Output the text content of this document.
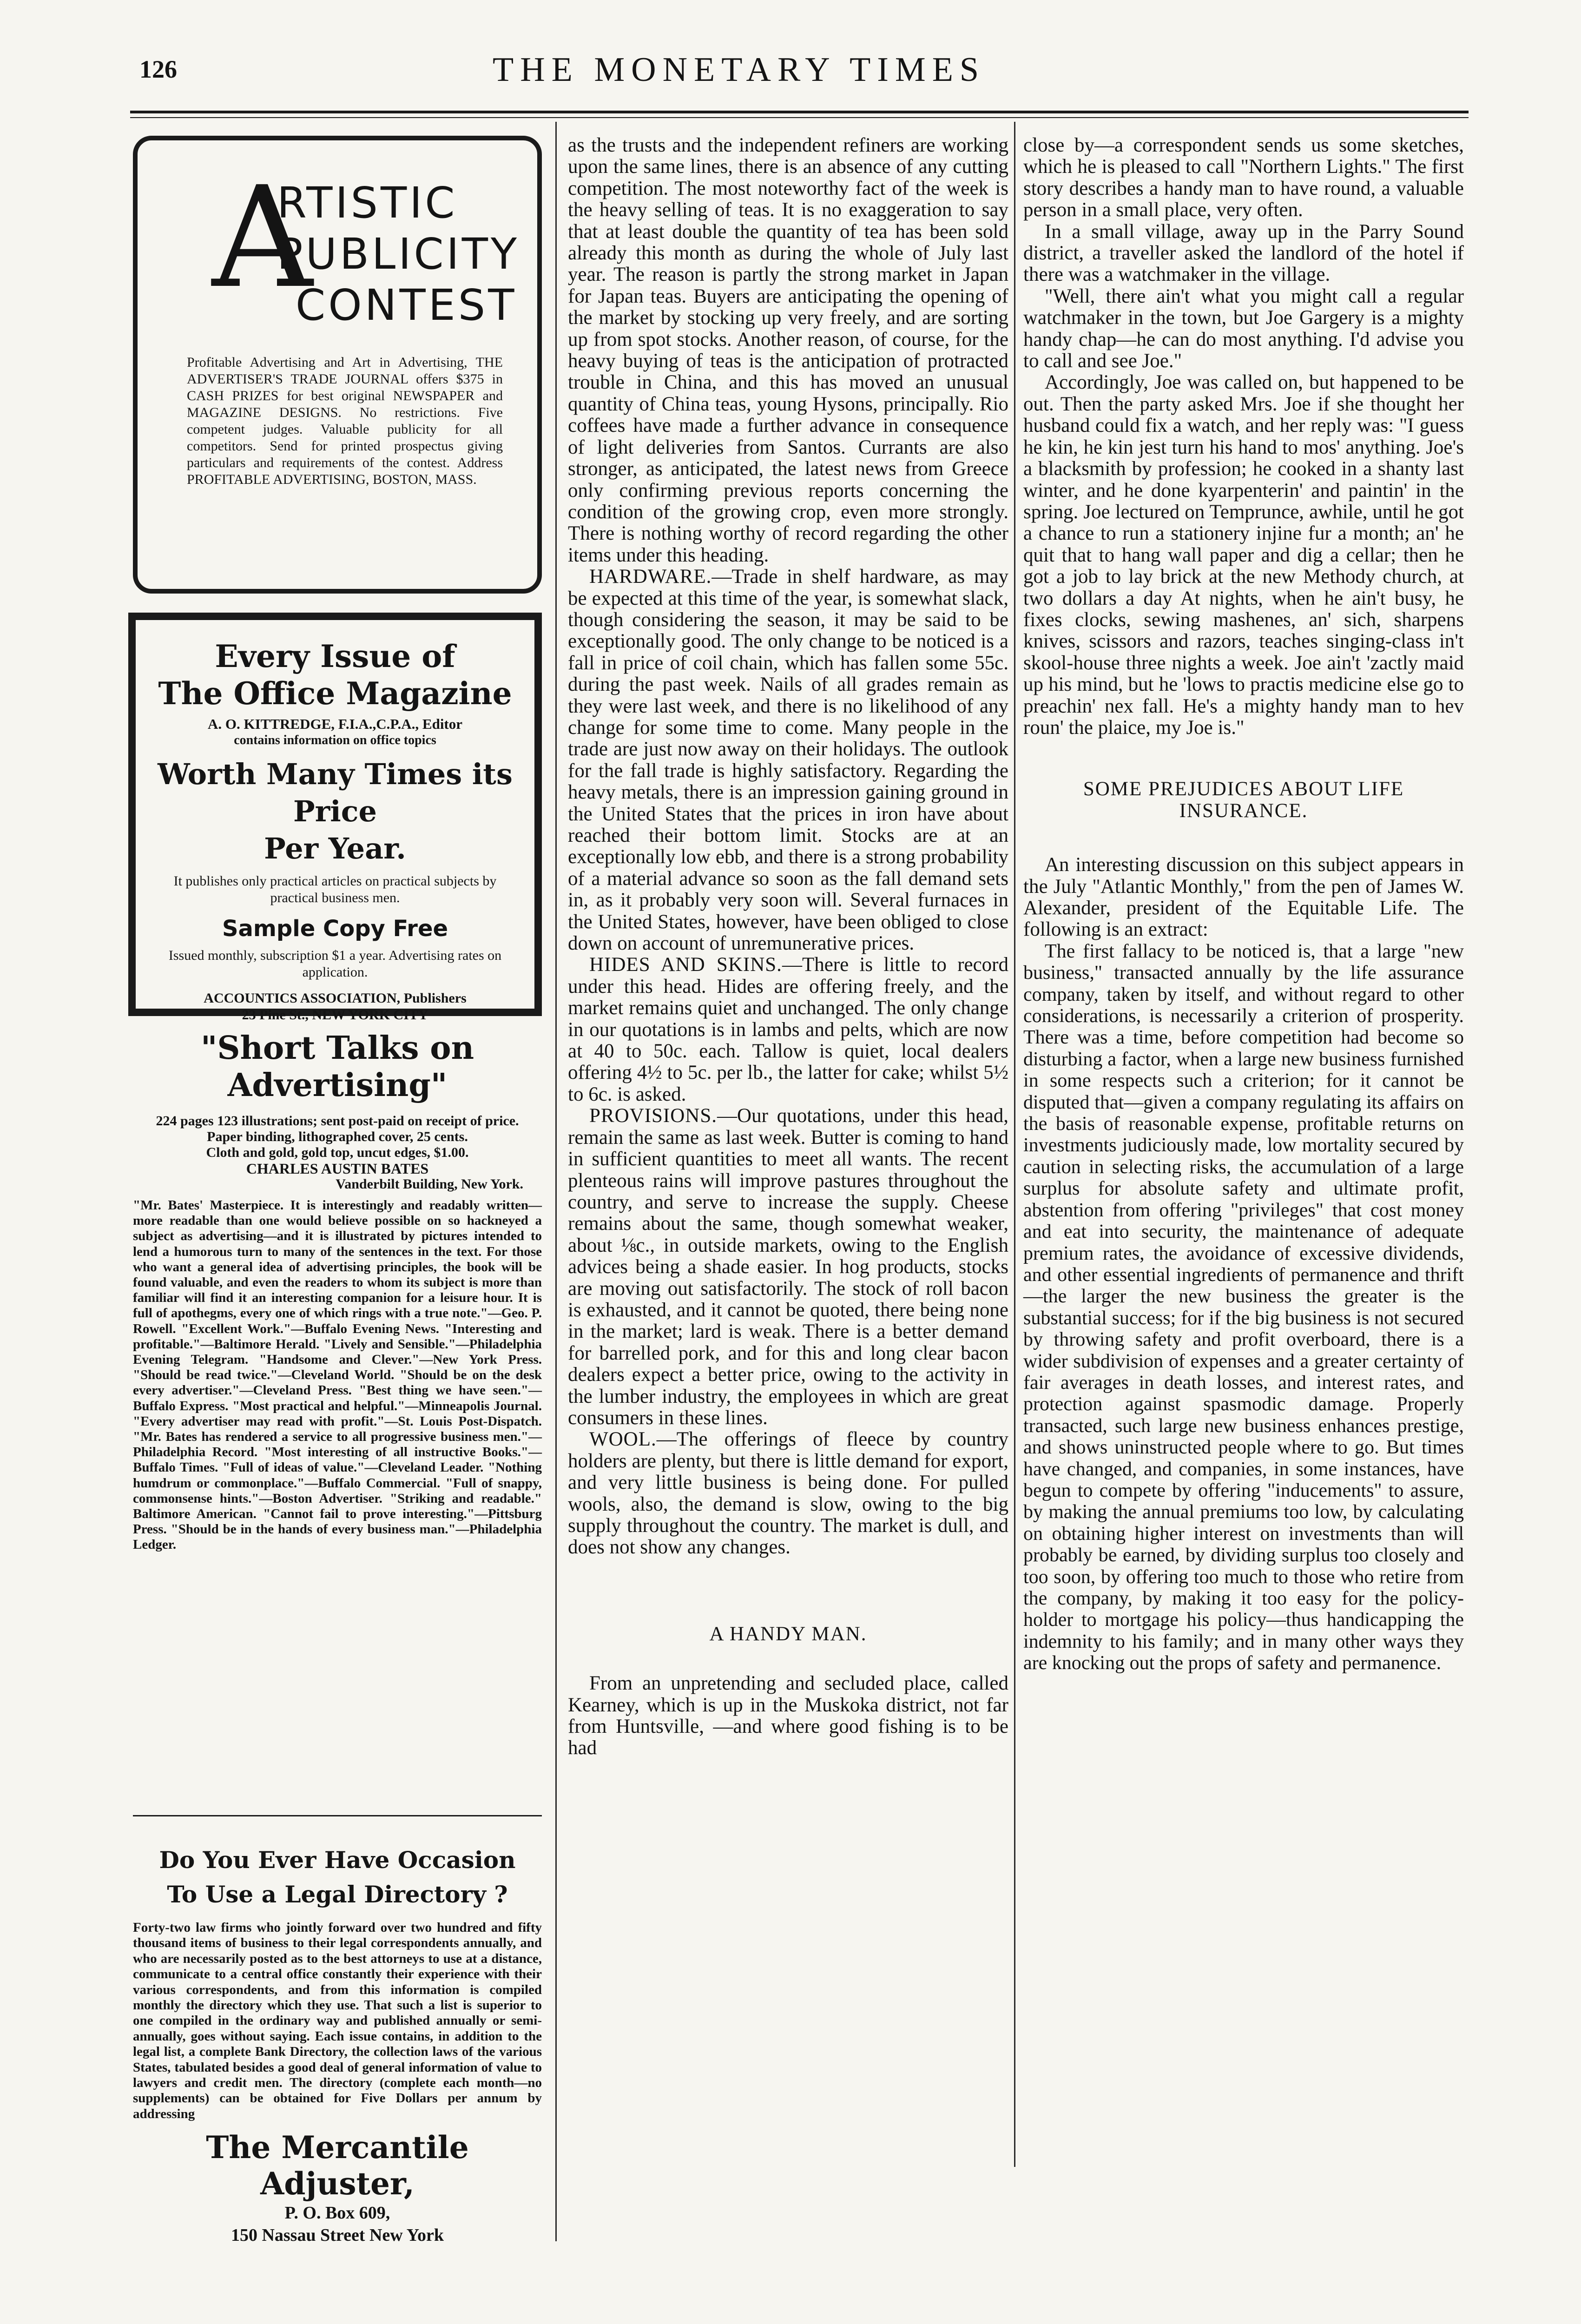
126	THE MONETARY TIMES
A
RTISTIC
PUBLICITY
CONTEST
Profitable Advertising and Art in Advertising, THE ADVERTISER'S TRADE JOURNAL offers $375 in CASH PRIZES for best original NEWSPAPER and MAGAZINE DESIGNS. No restrictions. Five competent judges. Valuable publicity for all competitors. Send for printed prospectus giving particulars and requirements of the contest. Address PROFITABLE ADVERTISING, BOSTON, MASS.
Every Issue of
The Office Magazine
A. O. KITTREDGE, F.I.A.,C.P.A., Editor
contains information on office topics
Worth Many Times its Price
Per Year.
It publishes only practical articles on practical subjects by practical business men.
Sample Copy Free
Issued monthly, subscription $1 a year. Advertising rates on application.
ACCOUNTICS ASSOCIATION, Publishers
23 Pine St., NEW YORK CITY
"Short Talks on Advertising"
224 pages 123 illustrations; sent post-paid on receipt of price.
Paper binding, lithographed cover, 25 cents.
Cloth and gold, gold top, uncut edges, $1.00.
CHARLES AUSTIN BATES
Vanderbilt Building, New York.
"Mr. Bates' Masterpiece. It is interestingly and readably written—more readable than one would believe possible on so hackneyed a subject as advertising—and it is illustrated by pictures intended to lend a humorous turn to many of the sentences in the text. For those who want a general idea of advertising principles, the book will be found valuable, and even the readers to whom its subject is more than familiar will find it an interesting companion for a leisure hour. It is full of apothegms, every one of which rings with a true note."—Geo. P. Rowell. "Excellent Work."—Buffalo Evening News. "Interesting and profitable."—Baltimore Herald. "Lively and Sensible."—Philadelphia Evening Telegram. "Handsome and Clever."—New York Press. "Should be read twice."—Cleveland World. "Should be on the desk every advertiser."—Cleveland Press. "Best thing we have seen."—Buffalo Express. "Most practical and helpful."—Minneapolis Journal. "Every advertiser may read with profit."—St. Louis Post-Dispatch. "Mr. Bates has rendered a service to all progressive business men."—Philadelphia Record. "Most interesting of all instructive Books."—Buffalo Times. "Full of ideas of value."—Cleveland Leader. "Nothing humdrum or commonplace."—Buffalo Commercial. "Full of snappy, commonsense hints."—Boston Advertiser. "Striking and readable." Baltimore American. "Cannot fail to prove interesting."—Pittsburg Press. "Should be in the hands of every business man."—Philadelphia Ledger.
Do You Ever Have Occasion
To Use a Legal Directory ?
Forty-two law firms who jointly forward over two hundred and fifty thousand items of business to their legal correspondents annually, and who are necessarily posted as to the best attorneys to use at a distance, communicate to a central office constantly their experience with their various correspondents, and from this information is compiled monthly the directory which they use. That such a list is superior to one compiled in the ordinary way and published annually or semi-annually, goes without saying. Each issue contains, in addition to the legal list, a complete Bank Directory, the collection laws of the various States, tabulated besides a good deal of general information of value to lawyers and credit men. The directory (complete each month—no supplements) can be obtained for Five Dollars per annum by addressing
The Mercantile Adjuster,
P. O. Box 609,
150 Nassau Street New York

as the trusts and the independent refiners are working upon the same lines, there is an absence of any cutting competition. The most noteworthy fact of the week is the heavy selling of teas. It is no exaggeration to say that at least double the quantity of tea has been sold already this month as during the whole of July last year. The reason is partly the strong market in Japan for Japan teas. Buyers are anticipating the opening of the market by stocking up very freely, and are sorting up from spot stocks. Another reason, of course, for the heavy buying of teas is the anticipation of protracted trouble in China, and this has moved an unusual quantity of China teas, young Hysons, principally. Rio coffees have made a further advance in consequence of light deliveries from Santos. Currants are also stronger, as anticipated, the latest news from Greece only confirming previous reports concerning the condition of the growing crop, even more strongly. There is nothing worthy of record regarding the other items under this heading.

HARDWARE.—Trade in shelf hardware, as may be expected at this time of the year, is somewhat slack, though considering the season, it may be said to be exceptionally good. The only change to be noticed is a fall in price of coil chain, which has fallen some 55c. during the past week. Nails of all grades remain as they were last week, and there is no likelihood of any change for some time to come. Many people in the trade are just now away on their holidays. The outlook for the fall trade is highly satisfactory. Regarding the heavy metals, there is an impression gaining ground in the United States that the prices in iron have about reached their bottom limit. Stocks are at an exceptionally low ebb, and there is a strong probability of a material advance so soon as the fall demand sets in, as it probably very soon will. Several furnaces in the United States, however, have been obliged to close down on account of unremunerative prices.

HIDES AND SKINS.—There is little to record under this head. Hides are offering freely, and the market remains quiet and unchanged. The only change in our quotations is in lambs and pelts, which are now at 40 to 50c. each. Tallow is quiet, local dealers offering 4½ to 5c. per lb., the latter for cake; whilst 5½ to 6c. is asked.

PROVISIONS.—Our quotations, under this head, remain the same as last week. Butter is coming to hand in sufficient quantities to meet all wants. The recent plenteous rains will improve pastures throughout the country, and serve to increase the supply. Cheese remains about the same, though somewhat weaker, about ⅛c., in outside markets, owing to the English advices being a shade easier. In hog products, stocks are moving out satisfactorily. The stock of roll bacon is exhausted, and it cannot be quoted, there being none in the market; lard is weak. There is a better demand for barrelled pork, and for this and long clear bacon dealers expect a better price, owing to the activity in the lumber industry, the employees in which are great consumers in these lines.

WOOL.—The offerings of fleece by country holders are plenty, but there is little demand for export, and very little business is being done. For pulled wools, also, the demand is slow, owing to the big supply throughout the country. The market is dull, and does not show any changes.

A HANDY MAN.

From an unpretending and secluded place, called Kearney, which is up in the Muskoka district, not far from Huntsville, —and where good fishing is to be had

close by—a correspondent sends us some sketches, which he is pleased to call "Northern Lights." The first story describes a handy man to have round, a valuable person in a small place, very often.

In a small village, away up in the Parry Sound district, a traveller asked the landlord of the hotel if there was a watchmaker in the village.

"Well, there ain't what you might call a regular watchmaker in the town, but Joe Gargery is a mighty handy chap—he can do most anything. I'd advise you to call and see Joe."

Accordingly, Joe was called on, but happened to be out. Then the party asked Mrs. Joe if she thought her husband could fix a watch, and her reply was: "I guess he kin, he kin jest turn his hand to mos' anything. Joe's a blacksmith by profession; he cooked in a shanty last winter, and he done kyarpenterin' and paintin' in the spring. Joe lectured on Temprunce, awhile, until he got a chance to run a stationery injine fur a month; an' he quit that to hang wall paper and dig a cellar; then he got a job to lay brick at the new Methody church, at two dollars a day At nights, when he ain't busy, he fixes clocks, sewing mashenes, an' sich, sharpens knives, scissors and razors, teaches singing-class in't skool-house three nights a week. Joe ain't 'zactly maid up his mind, but he 'lows to practis medicine else go to preachin' nex fall. He's a mighty handy man to hev roun' the plaice, my Joe is."

SOME PREJUDICES ABOUT LIFE INSURANCE.

An interesting discussion on this subject appears in the July "Atlantic Monthly," from the pen of James W. Alexander, president of the Equitable Life. The following is an extract:

The first fallacy to be noticed is, that a large "new business," transacted annually by the life assurance company, taken by itself, and without regard to other considerations, is necessarily a criterion of prosperity. There was a time, before competition had become so disturbing a factor, when a large new business furnished in some respects such a criterion; for it cannot be disputed that—given a company regulating its affairs on the basis of reasonable expense, profitable returns on investments judiciously made, low mortality secured by caution in selecting risks, the accumulation of a large surplus for absolute safety and ultimate profit, abstention from offering "privileges" that cost money and eat into security, the maintenance of adequate premium rates, the avoidance of excessive dividends, and other essential ingredients of permanence and thrift—the larger the new business the greater is the substantial success; for if the big business is not secured by throwing safety and profit overboard, there is a wider subdivision of expenses and a greater certainty of fair averages in death losses, and interest rates, and protection against spasmodic damage. Properly transacted, such large new business enhances prestige, and shows uninstructed people where to go. But times have changed, and companies, in some instances, have begun to compete by offering "inducements" to assure, by making the annual premiums too low, by calculating on obtaining higher interest on investments than will probably be earned, by dividing surplus too closely and too soon, by offering too much to those who retire from the company, by making it too easy for the policy-holder to mortgage his policy—thus handicapping the indemnity to his family; and in many other ways they are knocking out the props of safety and permanence.
